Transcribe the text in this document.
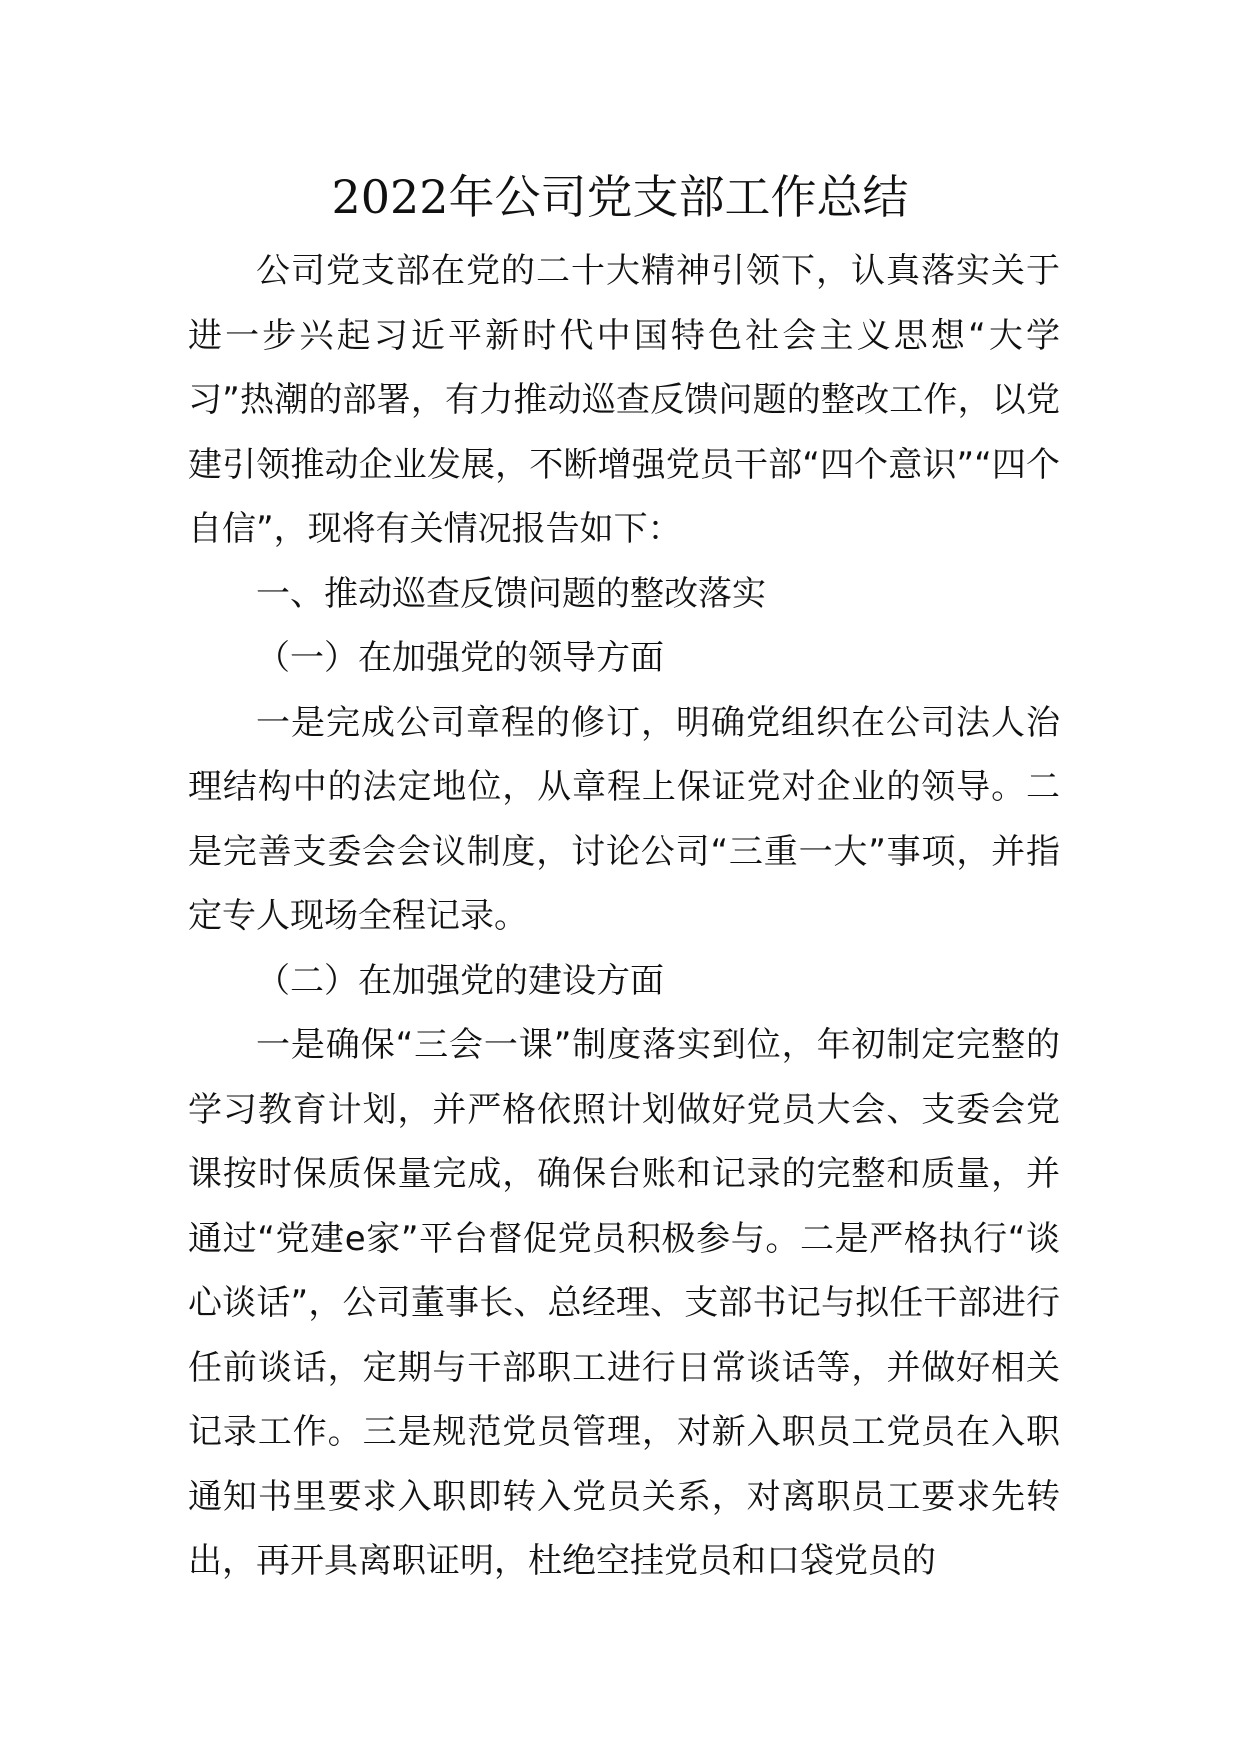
2022年公司党支部工作总结

公司党支部在党的二十大精神引领下，认真落实关于进一步兴起习近平新时代中国特色社会主义思想“大学习”热潮的部署，有力推动巡查反馈问题的整改工作，以党建引领推动企业发展，不断增强党员干部“四个意识”“四个自信”，现将有关情况报告如下：

一、推动巡查反馈问题的整改落实

（一）在加强党的领导方面

一是完成公司章程的修订，明确党组织在公司法人治理结构中的法定地位，从章程上保证党对企业的领导。二是完善支委会会议制度，讨论公司“三重一大”事项，并指定专人现场全程记录。

（二）在加强党的建设方面

一是确保“三会一课”制度落实到位，年初制定完整的学习教育计划，并严格依照计划做好党员大会、支委会党课按时保质保量完成，确保台账和记录的完整和质量，并通过“党建e家”平台督促党员积极参与。二是严格执行“谈心谈话”，公司董事长、总经理、支部书记与拟任干部进行任前谈话，定期与干部职工进行日常谈话等，并做好相关记录工作。三是规范党员管理，对新入职员工党员在入职通知书里要求入职即转入党员关系，对离职员工要求先转出，再开具离职证明，杜绝空挂党员和口袋党员的
